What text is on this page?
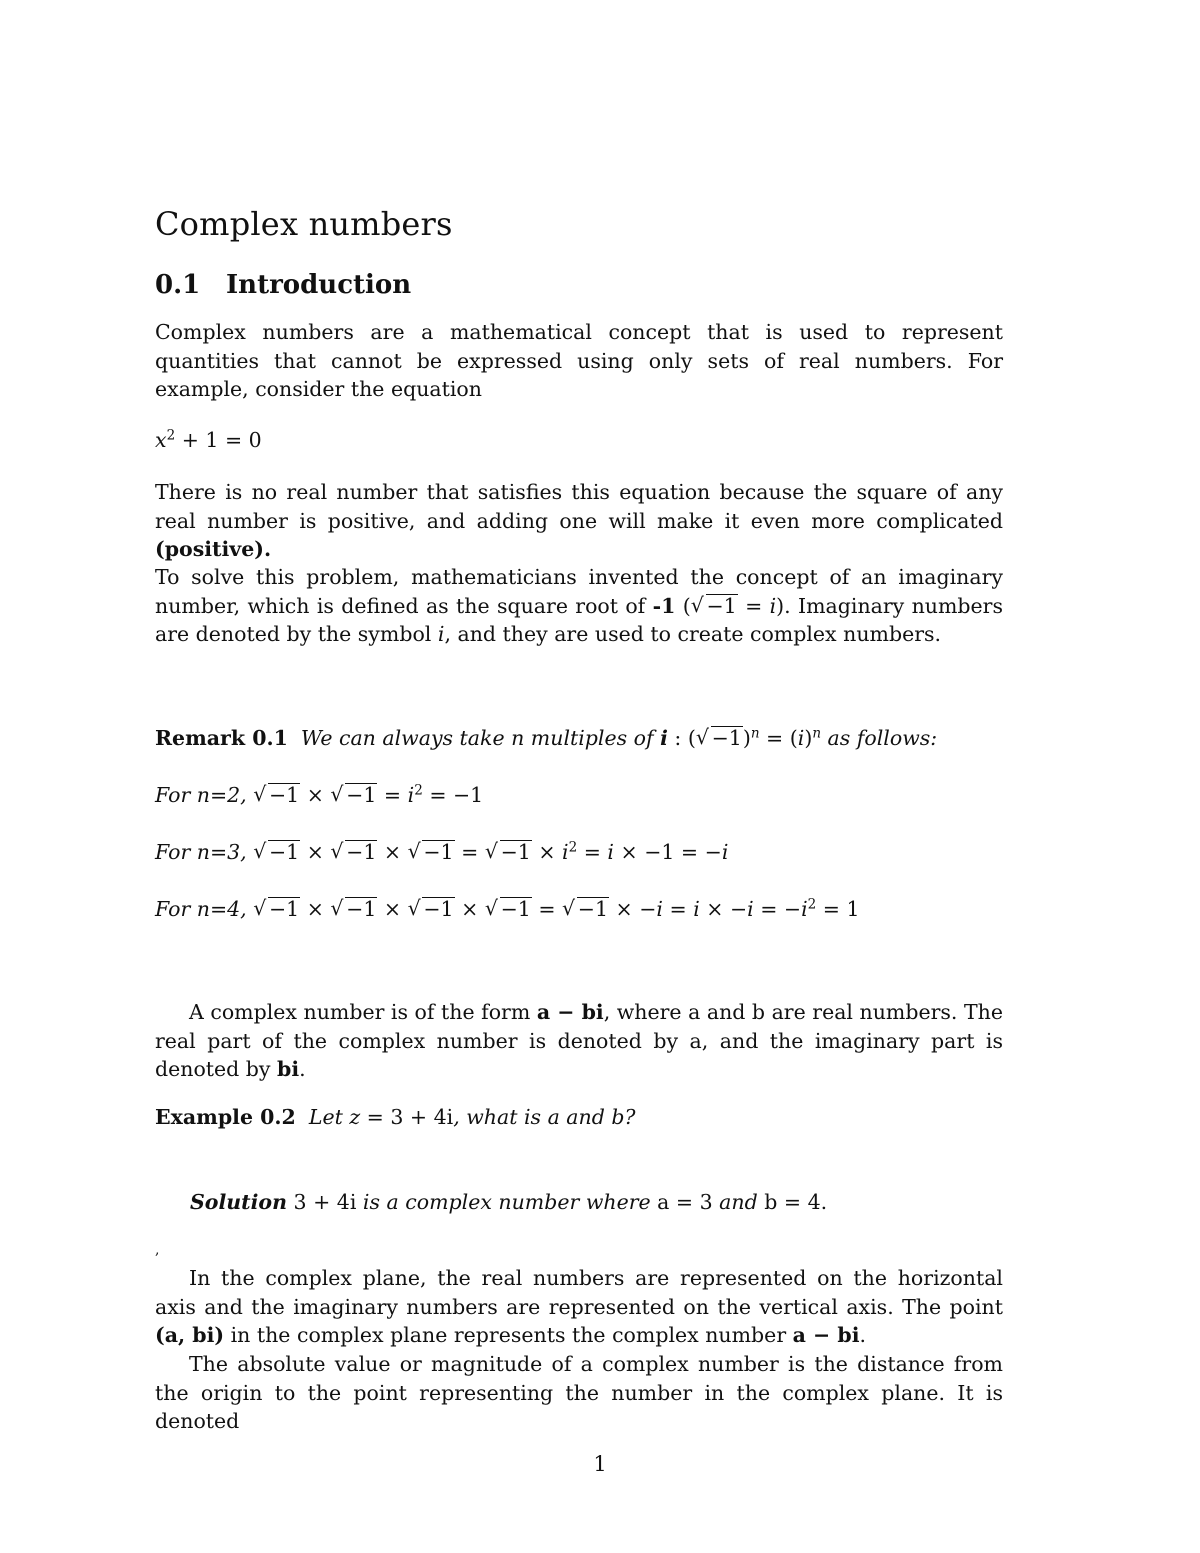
Complex numbers
0.1 Introduction

Complex numbers are a mathematical concept that is used to represent quantities that cannot be expressed using only sets of real numbers. For example, consider the equation

$x^2 + 1 = 0$

There is no real number that satisfies this equation because the square of any real number is positive, and adding one will make it even more complicated (positive).

To solve this problem, mathematicians invented the concept of an imaginary number, which is defined as the square root of -1 ( √ −1 = i). Imaginary numbers are denoted by the symbol i, and they are used to create complex numbers.

Remark 0.1 We can always take n multiples of i : ( √ $-1)^n = (i)^n$ as follows:

For n=2, √ −1 × √ $-1 = i^2 = -1$
For n=3, √ −1 × √ −1 × √ −1 = √ $-1 \times i^2 = i \times -1 = -i$
For n=4, √ −1 × √ −1 × √ −1 × √ −1 = √ $-1 \times -i = i \times -i = -i^2 = 1$

A complex number is of the form a − bi, where a and b are real numbers. The real part of the complex number is denoted by a, and the imaginary part is denoted by bi.

Example 0.2 Let z = 3 + 4i, what is a and b?

Solution 3 + 4i is a complex number where a = 3 and b = 4.

,

In the complex plane, the real numbers are represented on the horizontal axis and the imaginary numbers are represented on the vertical axis. The point (a, bi) in the complex plane represents the complex number a − bi.

The absolute value or magnitude of a complex number is the distance from the origin to the point representing the number in the complex plane. It is denoted

1
